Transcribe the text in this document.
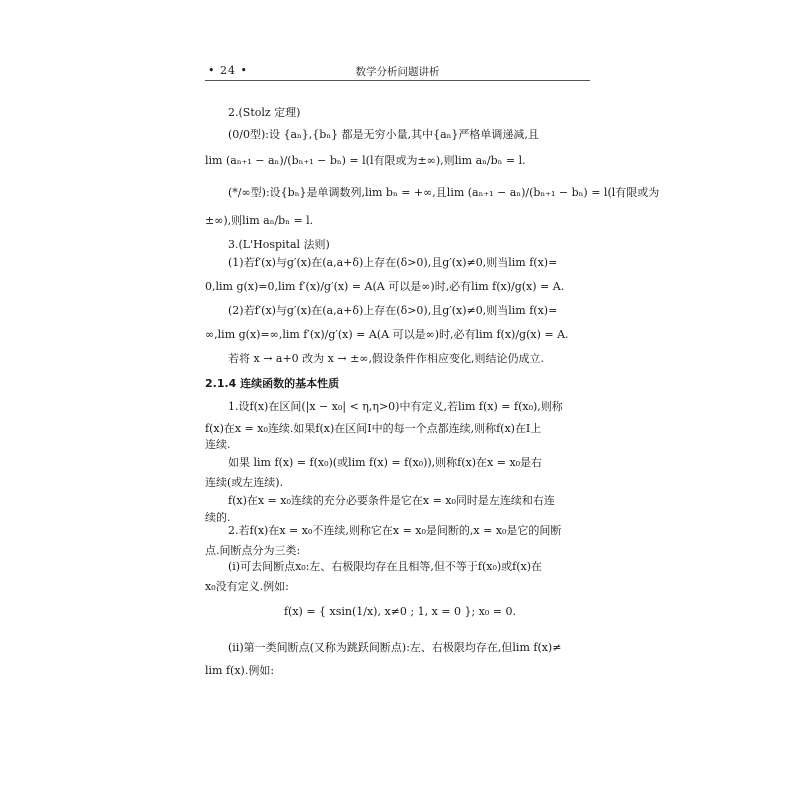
• 24 •	数学分析问题讲析
2.(Stolz 定理)
(0/0型):设 {aₙ},{bₙ} 都是无穷小量,其中{aₙ}严格单调递减,且
lim (aₙ₊₁ − aₙ)/(bₙ₊₁ − bₙ) = l(l有限或为±∞),则lim aₙ/bₙ = l.
(*/∞型):设{bₙ}是单调数列,lim bₙ = +∞,且lim (aₙ₊₁ − aₙ)/(bₙ₊₁ − bₙ) = l(l有限或为
±∞),则lim aₙ/bₙ = l.
3.(L'Hospital 法则)
(1)若f′(x)与g′(x)在(a,a+δ)上存在(δ>0),且g′(x)≠0,则当lim f(x)=
0,lim g(x)=0,lim f′(x)/g′(x) = A(A 可以是∞)时,必有lim f(x)/g(x) = A.
(2)若f′(x)与g′(x)在(a,a+δ)上存在(δ>0),且g′(x)≠0,则当lim f(x)=
∞,lim g(x)=∞,lim f′(x)/g′(x) = A(A 可以是∞)时,必有lim f(x)/g(x) = A.
若将 x → a+0 改为 x → ±∞,假设条件作相应变化,则结论仍成立.
2.1.4 连续函数的基本性质
1.设f(x)在区间(|x − x₀| < η,η>0)中有定义,若lim f(x) = f(x₀),则称
f(x)在x = x₀连续.如果f(x)在区间I中的每一个点都连续,则称f(x)在I上
连续.
如果 lim f(x) = f(x₀)(或lim f(x) = f(x₀)),则称f(x)在x = x₀是右
连续(或左连续).
f(x)在x = x₀连续的充分必要条件是它在x = x₀同时是左连续和右连
续的.
2.若f(x)在x = x₀不连续,则称它在x = x₀是间断的,x = x₀是它的间断
点.间断点分为三类:
(ⅰ)可去间断点x₀:左、右极限均存在且相等,但不等于f(x₀)或f(x)在
x₀没有定义.例如:
f(x) = { xsin(1/x), x≠0 ; 1, x = 0 }; x₀ = 0.
(ⅱ)第一类间断点(又称为跳跃间断点):左、右极限均存在,但lim f(x)≠
lim f(x).例如:
